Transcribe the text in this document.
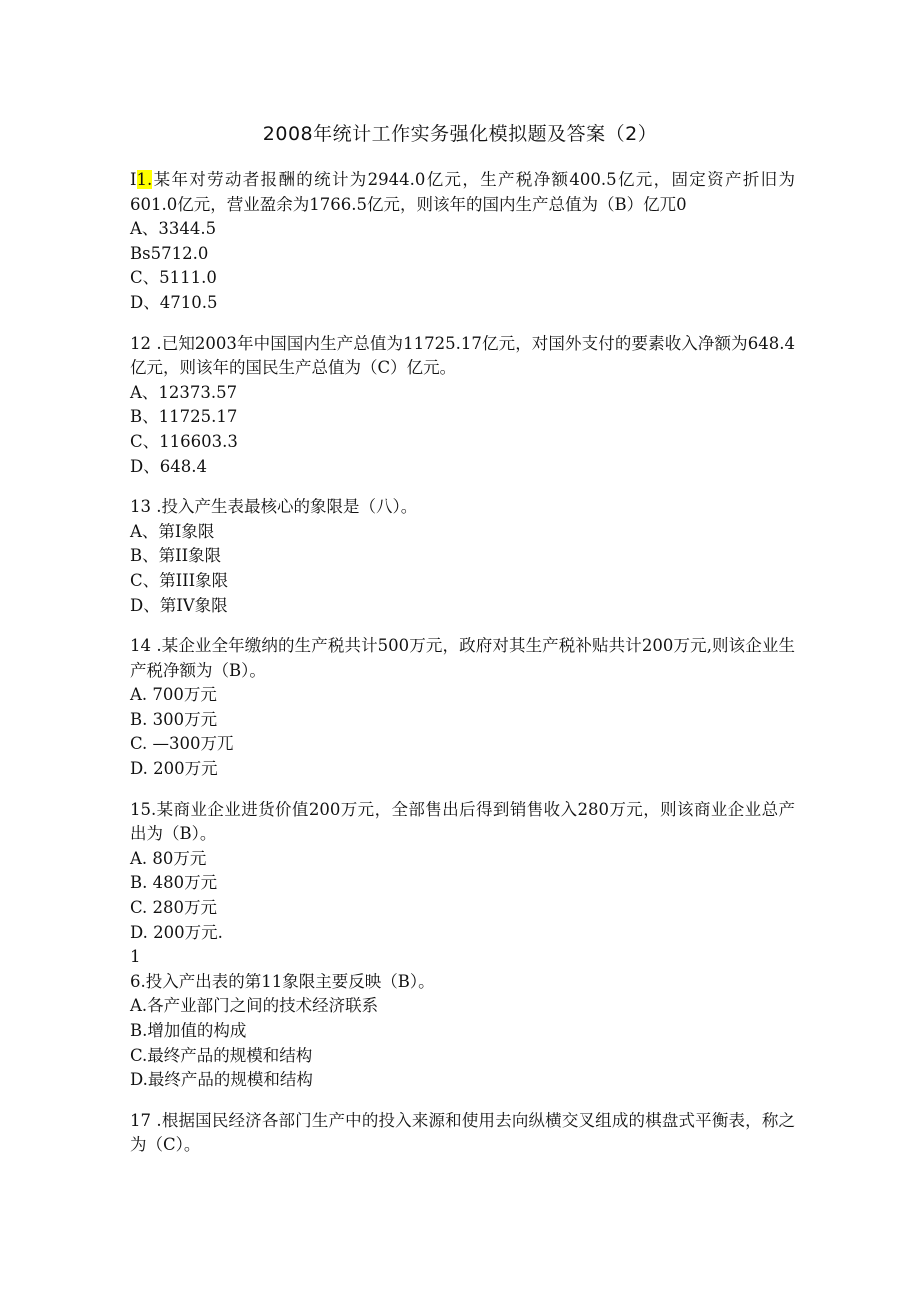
2008年统计工作实务强化模拟题及答案（2）

I1.某年对劳动者报酬的统计为2944.0亿元，生产税净额400.5亿元，固定资产折旧为601.0亿元，营业盈余为1766.5亿元，则该年的国内生产总值为（B）亿兀0

A、3344.5

Bs5712.0

C、5111.0

D、4710.5

12 .已知2003年中国国内生产总值为11725.17亿元，对国外支付的要素收入净额为648.4亿元，则该年的国民生产总值为（C）亿元。

A、12373.57

B、11725.17

C、116603.3

D、648.4

13 .投入产生表最核心的象限是（八）。

A、第I象限

B、第II象限

C、第III象限

D、第IV象限

14 .某企业全年缴纳的生产税共计500万元，政府对其生产税补贴共计200万元,则该企业生产税净额为（B）。

A. 700万元

B. 300万元

C. —300万兀

D. 200万元

15.某商业企业进货价值200万元，全部售出后得到销售收入280万元，则该商业企业总产出为（B）。

A. 80万元

B. 480万元

C. 280万元

D. 200万元.

1

6.投入产出表的第11象限主要反映（B）。

A.各产业部门之间的技术经济联系

B.增加值的构成

C.最终产品的规模和结构

D.最终产品的规模和结构

17 .根据国民经济各部门生产中的投入来源和使用去向纵横交叉组成的棋盘式平衡表，称之为（C）。
